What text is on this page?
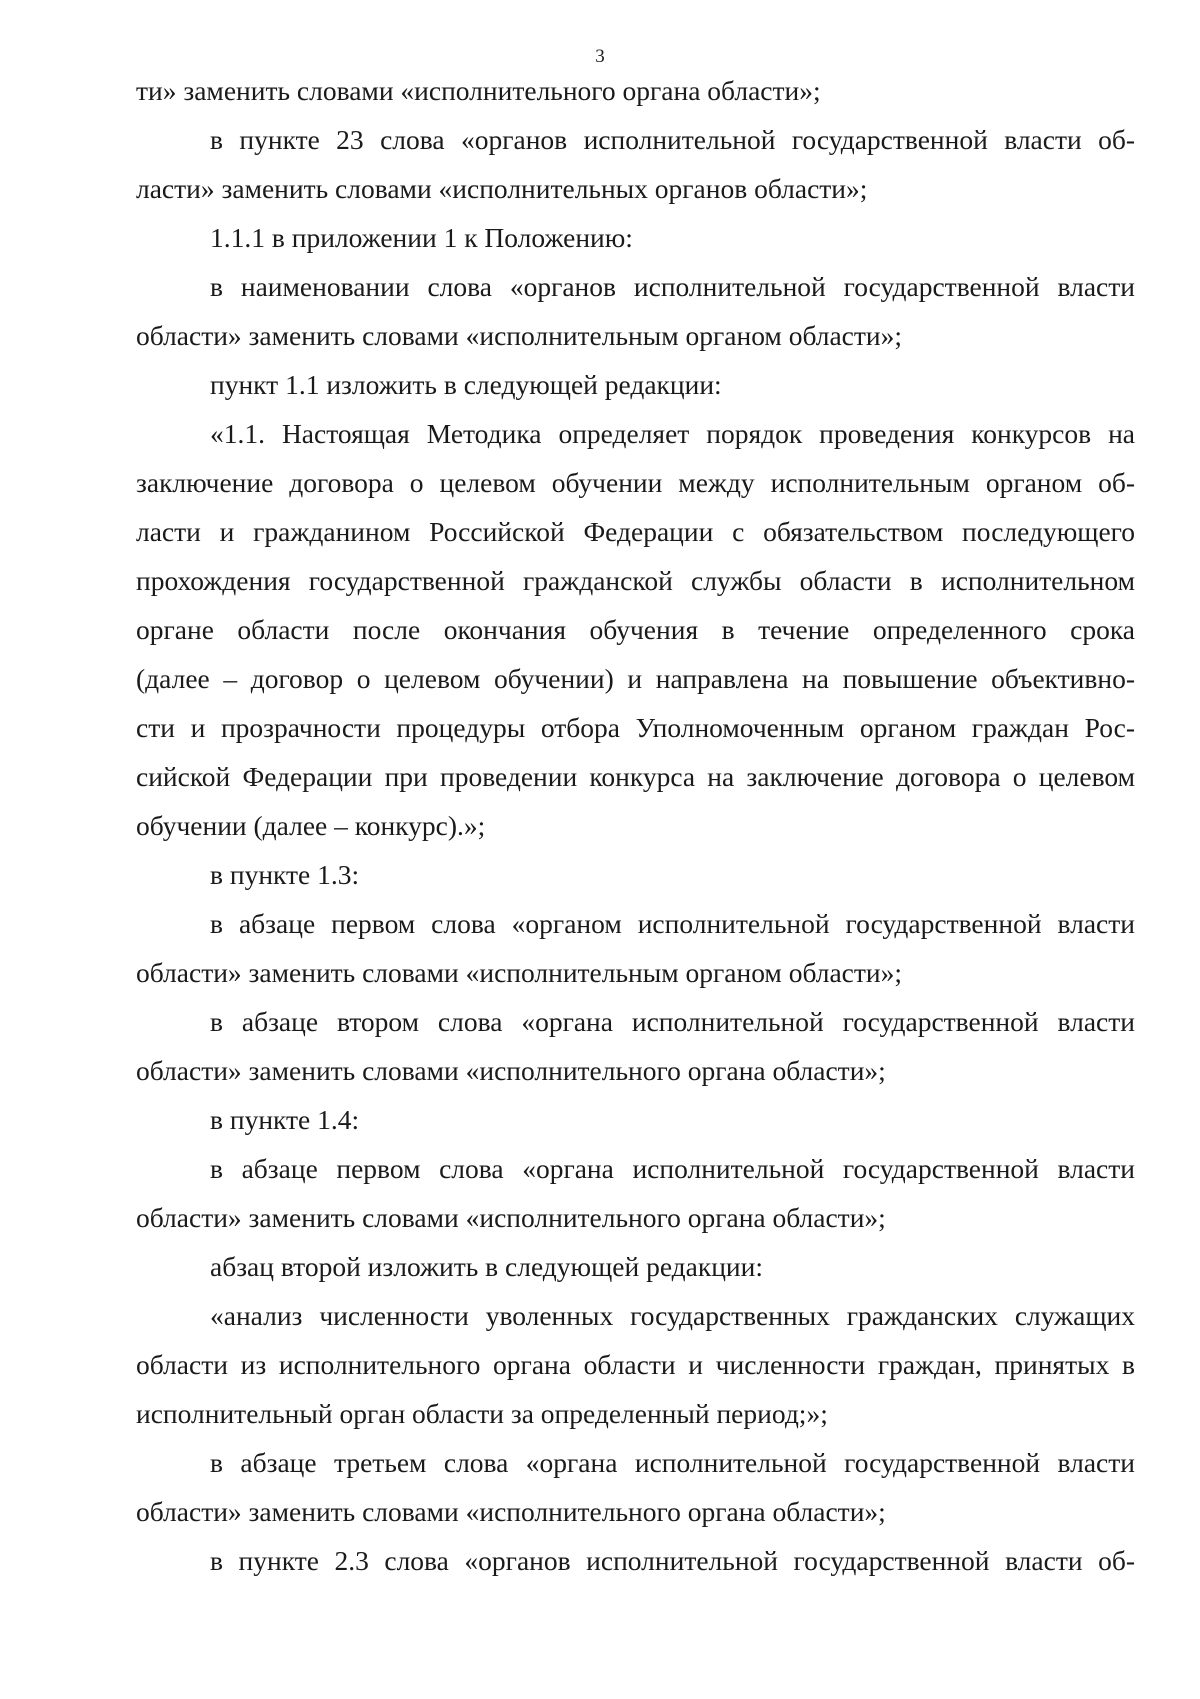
3
ти» заменить словами «исполнительного органа области»;
в пункте 23 слова «органов исполнительной государственной власти об-
ласти» заменить словами «исполнительных органов области»;
1.1.1 в приложении 1 к Положению:
в наименовании слова «органов исполнительной государственной власти
области» заменить словами «исполнительным органом области»;
пункт 1.1 изложить в следующей редакции:
«1.1. Настоящая Методика определяет порядок проведения конкурсов на
заключение договора о целевом обучении между исполнительным органом об-
ласти и гражданином Российской Федерации с обязательством последующего
прохождения государственной гражданской службы области в исполнительном
органе области после окончания обучения в течение определенного срока
(далее – договор о целевом обучении) и направлена на повышение объективно-
сти и прозрачности процедуры отбора Уполномоченным органом граждан Рос-
сийской Федерации при проведении конкурса на заключение договора о целевом
обучении (далее – конкурс).»;
в пункте 1.3:
в абзаце первом слова «органом исполнительной государственной власти
области» заменить словами «исполнительным органом области»;
в абзаце втором слова «органа исполнительной государственной власти
области» заменить словами «исполнительного органа области»;
в пункте 1.4:
в абзаце первом слова «органа исполнительной государственной власти
области» заменить словами «исполнительного органа области»;
абзац второй изложить в следующей редакции:
«анализ численности уволенных государственных гражданских служащих
области из исполнительного органа области и численности граждан, принятых в
исполнительный орган области за определенный период;»;
в абзаце третьем слова «органа исполнительной государственной власти
области» заменить словами «исполнительного органа области»;
в пункте 2.3 слова «органов исполнительной государственной власти об-
